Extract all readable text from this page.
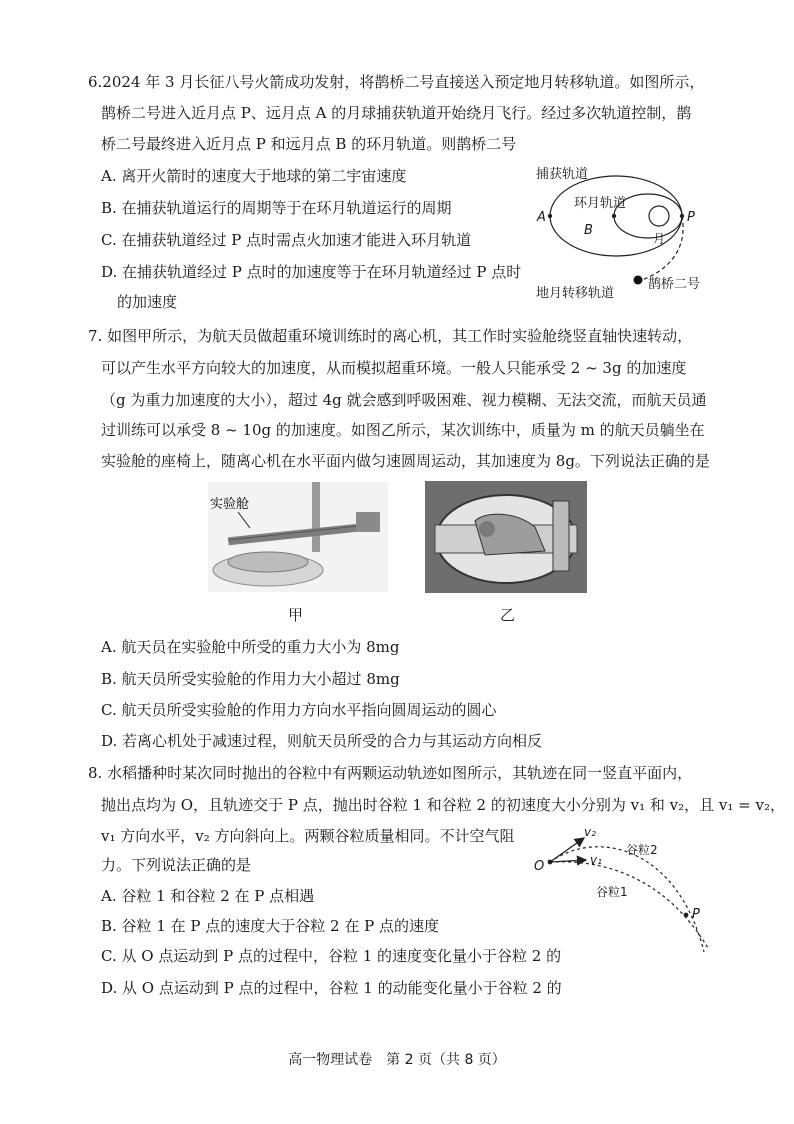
6.2024 年 3 月长征八号火箭成功发射，将鹊桥二号直接送入预定地月转移轨道。如图所示，
鹊桥二号进入近月点 P、远月点 A 的月球捕获轨道开始绕月飞行。经过多次轨道控制，鹊
桥二号最终进入近月点 P 和远月点 B 的环月轨道。则鹊桥二号
A. 离开火箭时的速度大于地球的第二宇宙速度
B. 在捕获轨道运行的周期等于在环月轨道运行的周期
C. 在捕获轨道经过 P 点时需点火加速才能进入环月轨道
D. 在捕获轨道经过 P 点时的加速度等于在环月轨道经过 P 点时
的加速度
捕获轨道
环月轨道
月
A
B
P
鹊桥二号
地月转移轨道
7. 如图甲所示，为航天员做超重环境训练时的离心机，其工作时实验舱绕竖直轴快速转动，
可以产生水平方向较大的加速度，从而模拟超重环境。一般人只能承受 2 ~ 3g 的加速度
（g 为重力加速度的大小），超过 4g 就会感到呼吸困难、视力模糊、无法交流，而航天员通
过训练可以承受 8 ~ 10g 的加速度。如图乙所示，某次训练中，质量为 m 的航天员躺坐在
实验舱的座椅上，随离心机在水平面内做匀速圆周运动，其加速度为 8g。下列说法正确的是
实验舱
甲	乙
A. 航天员在实验舱中所受的重力大小为 8mg
B. 航天员所受实验舱的作用力大小超过 8mg
C. 航天员所受实验舱的作用力方向水平指向圆周运动的圆心
D. 若离心机处于减速过程，则航天员所受的合力与其运动方向相反
8. 水稻播种时某次同时抛出的谷粒中有两颗运动轨迹如图所示，其轨迹在同一竖直平面内，
抛出点均为 O，且轨迹交于 P 点，抛出时谷粒 1 和谷粒 2 的初速度大小分别为 v₁ 和 v₂，且 v₁ = v₂，
v₁ 方向水平，v₂ 方向斜向上。两颗谷粒质量相同。不计空气阻
力。下列说法正确的是
A. 谷粒 1 和谷粒 2 在 P 点相遇
B. 谷粒 1 在 P 点的速度大于谷粒 2 在 P 点的速度
C. 从 O 点运动到 P 点的过程中，谷粒 1 的速度变化量小于谷粒 2 的
D. 从 O 点运动到 P 点的过程中，谷粒 1 的动能变化量小于谷粒 2 的
O	v₁
v₂
谷粒2
谷粒1
P
高一物理试卷　第 2 页（共 8 页）
